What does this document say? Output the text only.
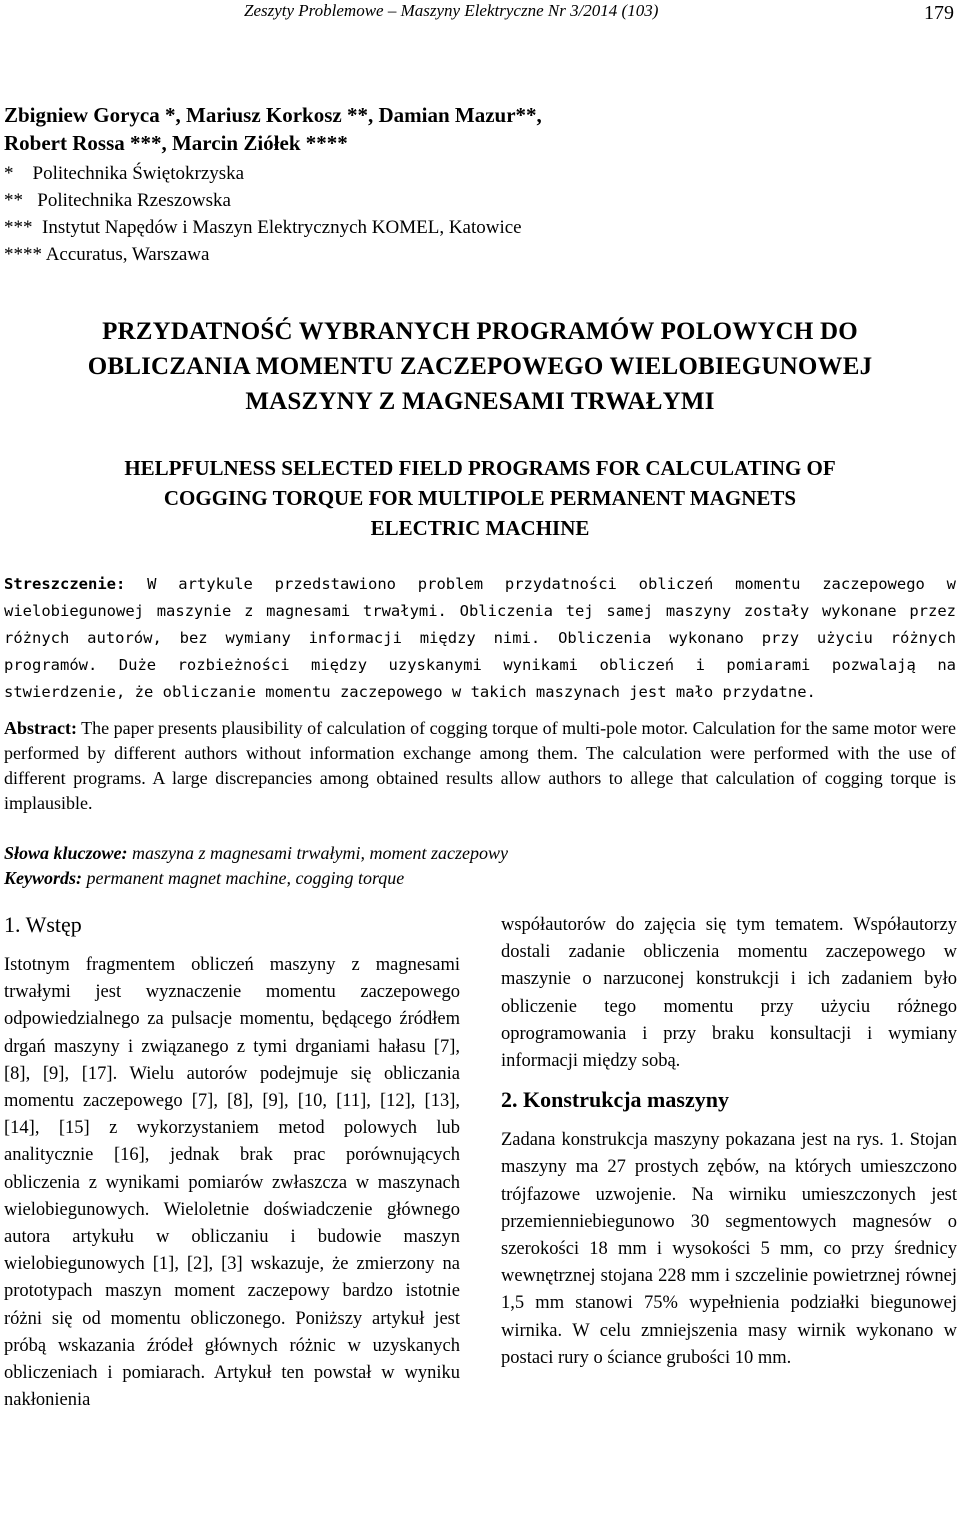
Zeszyty Problemowe – Maszyny Elektryczne Nr 3/2014 (103)	179
Zbigniew Goryca *, Mariusz Korkosz **, Damian Mazur**,
Robert Rossa ***, Marcin Ziółek ****
*    Politechnika Świętokrzyska
**   Politechnika Rzeszowska
***  Instytut Napędów i Maszyn Elektrycznych KOMEL, Katowice
**** Accuratus, Warszawa
PRZYDATNOŚĆ WYBRANYCH PROGRAMÓW POLOWYCH DO
OBLICZANIA MOMENTU ZACZEPOWEGO WIELOBIEGUNOWEJ
MASZYNY Z MAGNESAMI TRWAŁYMI
HELPFULNESS SELECTED FIELD PROGRAMS FOR CALCULATING OF
COGGING TORQUE FOR MULTIPOLE PERMANENT MAGNETS
ELECTRIC MACHINE
Streszczenie: W artykule przedstawiono problem przydatności obliczeń momentu zaczepowego w wielobiegunowej maszynie z magnesami trwałymi. Obliczenia tej samej maszyny zostały wykonane przez różnych autorów, bez wymiany informacji między nimi. Obliczenia wykonano przy użyciu różnych programów. Duże rozbieżności między uzyskanymi wynikami obliczeń i pomiarami pozwalają na stwierdzenie, że obliczanie momentu zaczepowego w takich maszynach jest mało przydatne.
Abstract: The paper presents plausibility of calculation of cogging torque of multi-pole motor. Calculation for the same motor were performed by different authors without information exchange among them. The calculation were performed with the use of different programs. A large discrepancies among obtained results allow authors to allege that calculation of cogging torque is implausible.
Słowa kluczowe: maszyna z magnesami trwałymi, moment zaczepowy
Keywords: permanent magnet machine, cogging torque
1. Wstęp

Istotnym fragmentem obliczeń maszyny z magnesami trwałymi jest wyznaczenie momentu zaczepowego odpowiedzialnego za pulsacje momentu, będącego źródłem drgań maszyny i związanego z tymi drganiami hałasu [7], [8], [9], [17]. Wielu autorów podejmuje się obliczania momentu zaczepowego [7], [8], [9], [10, [11], [12], [13], [14], [15] z wykorzystaniem metod polowych lub analitycznie [16], jednak brak prac porównujących obliczenia z wynikami pomiarów zwłaszcza w maszynach wielobiegunowych. Wieloletnie doświadczenie głównego autora artykułu w obliczaniu i budowie maszyn wielobiegunowych [1], [2], [3] wskazuje, że zmierzony na prototypach maszyn moment zaczepowy bardzo istotnie różni się od momentu obliczonego. Poniższy artykuł jest próbą wskazania źródeł głównych różnic w uzyskanych obliczeniach i pomiarach. Artykuł ten powstał w wyniku nakłonienia

współautorów do zajęcia się tym tematem. Współautorzy dostali zadanie obliczenia momentu zaczepowego w maszynie o narzuconej konstrukcji i ich zadaniem było obliczenie tego momentu przy użyciu różnego oprogramowania i przy braku konsultacji i wymiany informacji między sobą.

2. Konstrukcja maszyny

Zadana konstrukcja maszyny pokazana jest na rys. 1. Stojan maszyny ma 27 prostych zębów, na których umieszczono trójfazowe uzwojenie. Na wirniku umieszczonych jest przemienniebiegunowo 30 segmentowych magnesów o szerokości 18 mm i wysokości 5 mm, co przy średnicy wewnętrznej stojana 228 mm i szczelinie powietrznej równej 1,5 mm stanowi 75% wypełnienia podziałki biegunowej wirnika. W celu zmniejszenia masy wirnik wykonano w postaci rury o ściance grubości 10 mm.
